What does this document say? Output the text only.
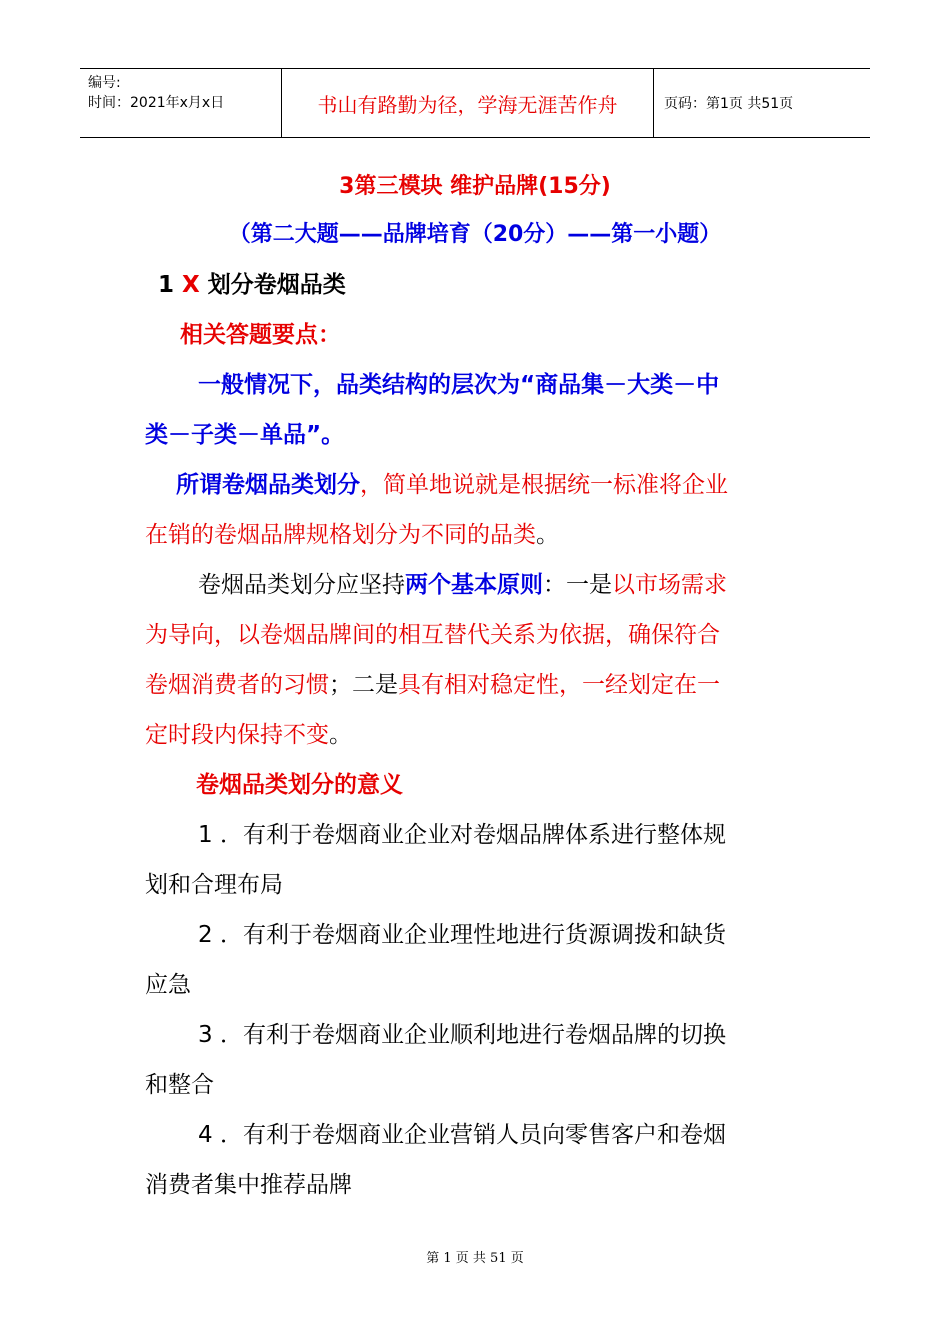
编号:
时间：2021年x月x日	书山有路勤为径，学海无涯苦作舟	页码：第1页 共51页
3第三模块 维护品牌(15分)
（第二大题——品牌培育（20分）——第一小题）
1 X 划分卷烟品类
相关答题要点：
一般情况下，品类结构的层次为“商品集－大类－中
类－子类－单品”。
所谓卷烟品类划分，简单地说就是根据统一标准将企业
在销的卷烟品牌规格划分为不同的品类。
卷烟品类划分应坚持两个基本原则：一是以市场需求
为导向，以卷烟品牌间的相互替代关系为依据，确保符合
卷烟消费者的习惯；二是具有相对稳定性，一经划定在一
定时段内保持不变。
卷烟品类划分的意义
1 ．有利于卷烟商业企业对卷烟品牌体系进行整体规
划和合理布局
2 ．有利于卷烟商业企业理性地进行货源调拨和缺货
应急
3 ．有利于卷烟商业企业顺利地进行卷烟品牌的切换
和整合
4 ．有利于卷烟商业企业营销人员向零售客户和卷烟
消费者集中推荐品牌
第 1 页 共 51 页
